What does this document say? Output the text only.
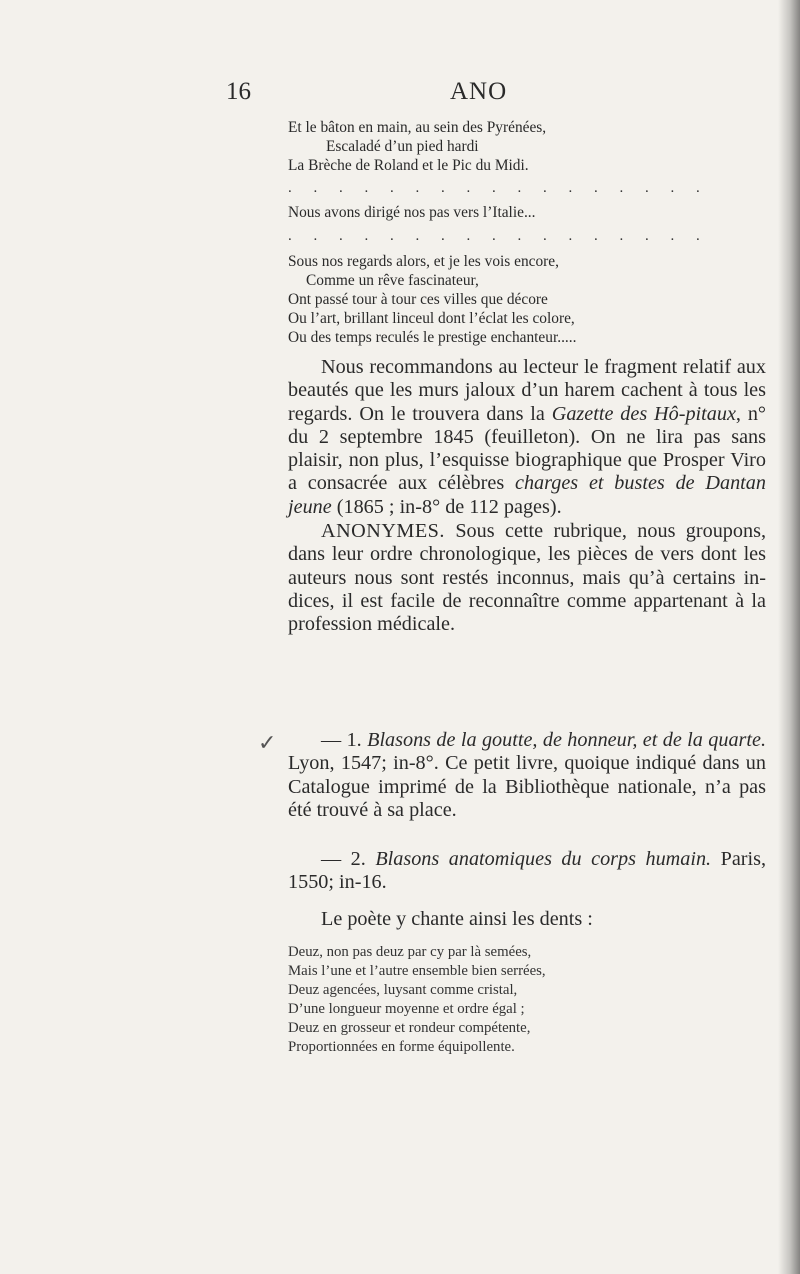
16	ANO
Et le bâton en main, au sein des Pyrénées,
Escaladé d’un pied hardi
La Brèche de Roland et le Pic du Midi.
. . . . . . . . . . . . . . . . .
Nous avons dirigé nos pas vers l’Italie...
. . . . . . . . . . . . . . . . .
Sous nos regards alors, et je les vois encore,
Comme un rêve fascinateur,
Ont passé tour à tour ces villes que décore
Ou l’art, brillant linceul dont l’éclat les colore,
Ou des temps reculés le prestige enchanteur.....

Nous recommandons au lecteur le fragment relatif aux beautés que les murs jaloux d’un harem cachent à tous les regards. On le trouvera dans la Gazette des Hô-pitaux, n° du 2 septembre 1845 (feuilleton). On ne lira pas sans plaisir, non plus, l’esquisse biographique que Prosper Viro a consacrée aux célèbres charges et bustes de Dantan jeune (1865 ; in-8° de 112 pages).

ANONYMES. Sous cette rubrique, nous groupons, dans leur ordre chronologique, les pièces de vers dont les auteurs nous sont restés inconnus, mais qu’à certains in-dices, il est facile de reconnaître comme appartenant à la profession médicale.

✓	— 1. Blasons de la goutte, de honneur, et de la quarte. Lyon, 1547; in-8°. Ce petit livre, quoique indiqué dans un Catalogue imprimé de la Bibliothèque nationale, n’a pas été trouvé à sa place.

— 2. Blasons anatomiques du corps humain. Paris, 1550; in-16.

Le poète y chante ainsi les dents :

Deuz, non pas deuz par cy par là semées,
Mais l’une et l’autre ensemble bien serrées,
Deuz agencées, luysant comme cristal,
D’une longueur moyenne et ordre égal ;
Deuz en grosseur et rondeur compétente,
Proportionnées en forme équipollente.
